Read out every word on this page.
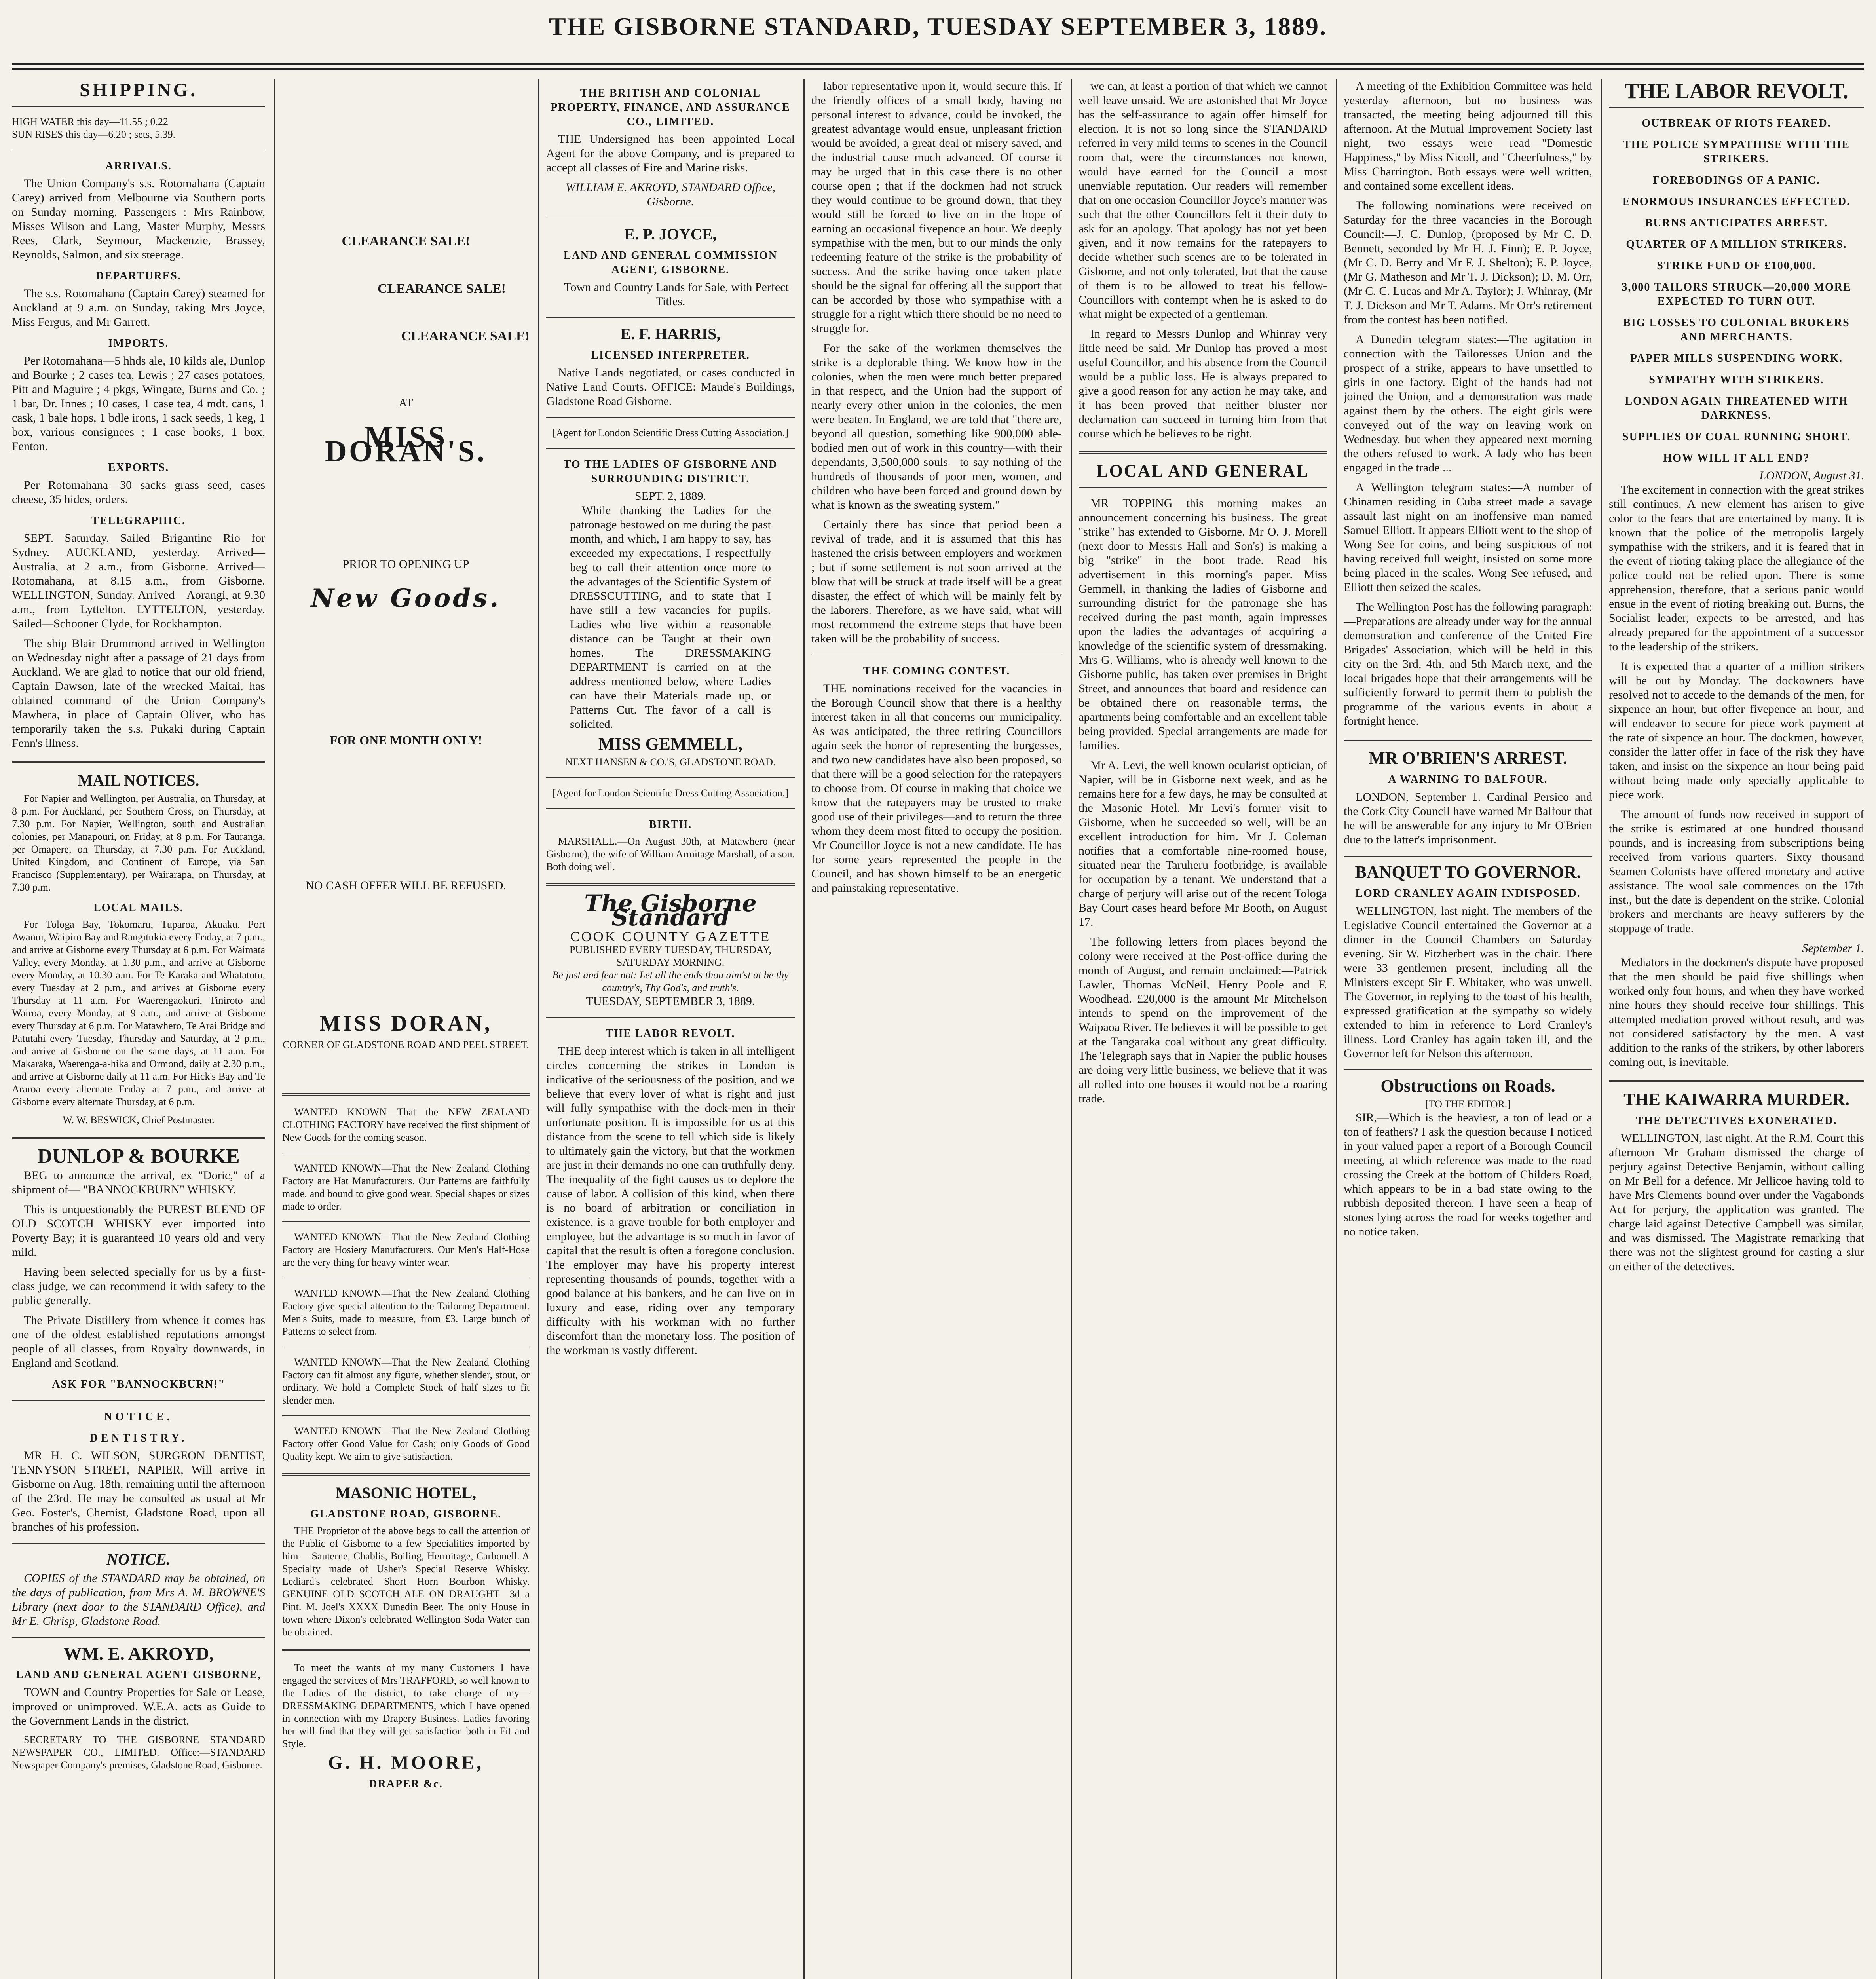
THE GISBORNE STANDARD, TUESDAY SEPTEMBER 3, 1889.
SHIPPING.
HIGH WATER this day—11.55 ; 0.22
SUN RISES this day—6.20 ; sets, 5.39.
ARRIVALS.
The Union Company's s.s. Rotomahana (Captain Carey) arrived from Melbourne via Southern ports on Sunday morning. Passengers : Mrs Rainbow, Misses Wilson and Lang, Master Murphy, Messrs Rees, Clark, Seymour, Mackenzie, Brassey, Reynolds, Salmon, and six steerage.
DEPARTURES.
The s.s. Rotomahana (Captain Carey) steamed for Auckland at 9 a.m. on Sunday, taking Mrs Joyce, Miss Fergus, and Mr Garrett.
IMPORTS.
Per Rotomahana—5 hhds ale, 10 kilds ale, Dunlop and Bourke ; 2 cases tea, Lewis ; 27 cases potatoes, Pitt and Maguire ; 4 pkgs, Wingate, Burns and Co. ; 1 bar, Dr. Innes ; 10 cases, 1 case tea, 4 mdt. cans, 1 cask, 1 bale hops, 1 bdle irons, 1 sack seeds, 1 keg, 1 box, various consignees ; 1 case books, 1 box, Fenton.
EXPORTS.
Per Rotomahana—30 sacks grass seed, cases cheese, 35 hides, orders.
TELEGRAPHIC.
SEPT. Saturday. Sailed—Brigantine Rio for Sydney. AUCKLAND, yesterday. Arrived—Australia, at 2 a.m., from Gisborne. Arrived—Rotomahana, at 8.15 a.m., from Gisborne. WELLINGTON, Sunday. Arrived—Aorangi, at 9.30 a.m., from Lyttelton. LYTTELTON, yesterday. Sailed—Schooner Clyde, for Rockhampton.
The ship Blair Drummond arrived in Wellington on Wednesday night after a passage of 21 days from Auckland. We are glad to notice that our old friend, Captain Dawson, late of the wrecked Maitai, has obtained command of the Union Company's Mawhera, in place of Captain Oliver, who has temporarily taken the s.s. Pukaki during Captain Fenn's illness.
MAIL NOTICES.
For Napier and Wellington, per Australia, on Thursday, at 8 p.m. For Auckland, per Southern Cross, on Thursday, at 7.30 p.m. For Napier, Wellington, south and Australian colonies, per Manapouri, on Friday, at 8 p.m. For Tauranga, per Omapere, on Thursday, at 7.30 p.m. For Auckland, United Kingdom, and Continent of Europe, via San Francisco (Supplementary), per Wairarapa, on Thursday, at 7.30 p.m.
LOCAL MAILS.
For Tologa Bay, Tokomaru, Tuparoa, Akuaku, Port Awanui, Waipiro Bay and Rangitukia every Friday, at 7 p.m., and arrive at Gisborne every Thursday at 6 p.m. For Waimata Valley, every Monday, at 1.30 p.m., and arrive at Gisborne every Monday, at 10.30 a.m. For Te Karaka and Whatatutu, every Tuesday at 2 p.m., and arrives at Gisborne every Thursday at 11 a.m. For Waerengaokuri, Tiniroto and Wairoa, every Monday, at 9 a.m., and arrive at Gisborne every Thursday at 6 p.m. For Matawhero, Te Arai Bridge and Patutahi every Tuesday, Thursday and Saturday, at 2 p.m., and arrive at Gisborne on the same days, at 11 a.m. For Makaraka, Waerenga-a-hika and Ormond, daily at 2.30 p.m., and arrive at Gisborne daily at 11 a.m. For Hick's Bay and Te Araroa every alternate Friday at 7 p.m., and arrive at Gisborne every alternate Thursday, at 6 p.m.
W. W. BESWICK, Chief Postmaster.
DUNLOP & BOURKE
BEG to announce the arrival, ex "Doric," of a shipment of— "BANNOCKBURN" WHISKY.
This is unquestionably the PUREST BLEND OF OLD SCOTCH WHISKY ever imported into Poverty Bay; it is guaranteed 10 years old and very mild.
Having been selected specially for us by a first-class judge, we can recommend it with safety to the public generally.
The Private Distillery from whence it comes has one of the oldest established reputations amongst people of all classes, from Royalty downwards, in England and Scotland.
ASK FOR "BANNOCKBURN!"
NOTICE.
DENTISTRY.
MR H. C. WILSON, SURGEON DENTIST, TENNYSON STREET, NAPIER, Will arrive in Gisborne on Aug. 18th, remaining until the afternoon of the 23rd. He may be consulted as usual at Mr Geo. Foster's, Chemist, Gladstone Road, upon all branches of his profession.
NOTICE.
COPIES of the STANDARD may be obtained, on the days of publication, from Mrs A. M. BROWNE'S Library (next door to the STANDARD Office), and Mr E. Chrisp, Gladstone Road.
WM. E. AKROYD,
LAND AND GENERAL AGENT GISBORNE,
TOWN and Country Properties for Sale or Lease, improved or unimproved. W.E.A. acts as Guide to the Government Lands in the district.
SECRETARY TO THE GISBORNE STANDARD NEWSPAPER CO., LIMITED. Office:—STANDARD Newspaper Company's premises, Gladstone Road, Gisborne.
CLEARANCE SALE!
CLEARANCE SALE!
CLEARANCE SALE!
AT
MISS DORAN'S.
PRIOR TO OPENING UP
New Goods.
FOR ONE MONTH ONLY!
NO CASH OFFER WILL BE REFUSED.
MISS DORAN,
CORNER OF GLADSTONE ROAD AND PEEL STREET.
WANTED KNOWN—That the NEW ZEALAND CLOTHING FACTORY have received the first shipment of New Goods for the coming season.
WANTED KNOWN—That the New Zealand Clothing Factory are Hat Manufacturers. Our Patterns are faithfully made, and bound to give good wear. Special shapes or sizes made to order.
WANTED KNOWN—That the New Zealand Clothing Factory are Hosiery Manufacturers. Our Men's Half-Hose are the very thing for heavy winter wear.
WANTED KNOWN—That the New Zealand Clothing Factory give special attention to the Tailoring Department. Men's Suits, made to measure, from £3. Large bunch of Patterns to select from.
WANTED KNOWN—That the New Zealand Clothing Factory can fit almost any figure, whether slender, stout, or ordinary. We hold a Complete Stock of half sizes to fit slender men.
WANTED KNOWN—That the New Zealand Clothing Factory offer Good Value for Cash; only Goods of Good Quality kept. We aim to give satisfaction.
MASONIC HOTEL,
GLADSTONE ROAD, GISBORNE.
THE Proprietor of the above begs to call the attention of the Public of Gisborne to a few Specialities imported by him— Sauterne, Chablis, Boiling, Hermitage, Carbonell. A Specialty made of Usher's Special Reserve Whisky. Lediard's celebrated Short Horn Bourbon Whisky. GENUINE OLD SCOTCH ALE ON DRAUGHT—3d a Pint. M. Joel's XXXX Dunedin Beer. The only House in town where Dixon's celebrated Wellington Soda Water can be obtained.
To meet the wants of my many Customers I have engaged the services of Mrs TRAFFORD, so well known to the Ladies of the district, to take charge of my— DRESSMAKING DEPARTMENTS, which I have opened in connection with my Drapery Business. Ladies favoring her will find that they will get satisfaction both in Fit and Style.
G. H. MOORE,
DRAPER &c.
THE BRITISH AND COLONIAL PROPERTY, FINANCE, AND ASSURANCE CO., LIMITED.
THE Undersigned has been appointed Local Agent for the above Company, and is prepared to accept all classes of Fire and Marine risks.
WILLIAM E. AKROYD, STANDARD Office, Gisborne.
E. P. JOYCE,
LAND AND GENERAL COMMISSION AGENT, GISBORNE.
Town and Country Lands for Sale, with Perfect Titles.
E. F. HARRIS,
LICENSED INTERPRETER.
Native Lands negotiated, or cases conducted in Native Land Courts. OFFICE: Maude's Buildings, Gladstone Road Gisborne.
[Agent for London Scientific Dress Cutting Association.]
TO THE LADIES OF GISBORNE AND SURROUNDING DISTRICT.
SEPT. 2, 1889.
While thanking the Ladies for the patronage bestowed on me during the past month, and which, I am happy to say, has exceeded my expectations, I respectfully beg to call their attention once more to the advantages of the Scientific System of DRESSCUTTING, and to state that I have still a few vacancies for pupils. Ladies who live within a reasonable distance can be Taught at their own homes. The DRESSMAKING DEPARTMENT is carried on at the address mentioned below, where Ladies can have their Materials made up, or Patterns Cut. The favor of a call is solicited.
MISS GEMMELL,
NEXT HANSEN & CO.'S, GLADSTONE ROAD.
[Agent for London Scientific Dress Cutting Association.]
BIRTH.
MARSHALL.—On August 30th, at Matawhero (near Gisborne), the wife of William Armitage Marshall, of a son. Both doing well.
The Gisborne Standard
COOK COUNTY GAZETTE
PUBLISHED EVERY TUESDAY, THURSDAY, SATURDAY MORNING.
Be just and fear not: Let all the ends thou aim'st at be thy country's, Thy God's, and truth's.
TUESDAY, SEPTEMBER 3, 1889.
THE LABOR REVOLT.
THE deep interest which is taken in all intelligent circles concerning the strikes in London is indicative of the seriousness of the position, and we believe that every lover of what is right and just will fully sympathise with the dock-men in their unfortunate position. It is impossible for us at this distance from the scene to tell which side is likely to ultimately gain the victory, but that the workmen are just in their demands no one can truthfully deny. The inequality of the fight causes us to deplore the cause of labor. A collision of this kind, when there is no board of arbitration or conciliation in existence, is a grave trouble for both employer and employee, but the advantage is so much in favor of capital that the result is often a foregone conclusion. The employer may have his property interest representing thousands of pounds, together with a good balance at his bankers, and he can live on in luxury and ease, riding over any temporary difficulty with his workman with no further discomfort than the monetary loss. The position of the workman is vastly different.
labor representative upon it, would secure this. If the friendly offices of a small body, having no personal interest to advance, could be invoked, the greatest advantage would ensue, unpleasant friction would be avoided, a great deal of misery saved, and the industrial cause much advanced. Of course it may be urged that in this case there is no other course open ; that if the dockmen had not struck they would continue to be ground down, that they would still be forced to live on in the hope of earning an occasional fivepence an hour. We deeply sympathise with the men, but to our minds the only redeeming feature of the strike is the probability of success. And the strike having once taken place should be the signal for offering all the support that can be accorded by those who sympathise with a struggle for a right which there should be no need to struggle for.
For the sake of the workmen themselves the strike is a deplorable thing. We know how in the colonies, when the men were much better prepared in that respect, and the Union had the support of nearly every other union in the colonies, the men were beaten. In England, we are told that "there are, beyond all question, something like 900,000 able-bodied men out of work in this country—with their dependants, 3,500,000 souls—to say nothing of the hundreds of thousands of poor men, women, and children who have been forced and ground down by what is known as the sweating system."
Certainly there has since that period been a revival of trade, and it is assumed that this has hastened the crisis between employers and workmen ; but if some settlement is not soon arrived at the blow that will be struck at trade itself will be a great disaster, the effect of which will be mainly felt by the laborers. Therefore, as we have said, what will most recommend the extreme steps that have been taken will be the probability of success.
THE COMING CONTEST.
THE nominations received for the vacancies in the Borough Council show that there is a healthy interest taken in all that concerns our municipality. As was anticipated, the three retiring Councillors again seek the honor of representing the burgesses, and two new candidates have also been proposed, so that there will be a good selection for the ratepayers to choose from. Of course in making that choice we know that the ratepayers may be trusted to make good use of their privileges—and to return the three whom they deem most fitted to occupy the position. Mr Councillor Joyce is not a new candidate. He has for some years represented the people in the Council, and has shown himself to be an energetic and painstaking representative.
we can, at least a portion of that which we cannot well leave unsaid. We are astonished that Mr Joyce has the self-assurance to again offer himself for election. It is not so long since the STANDARD referred in very mild terms to scenes in the Council room that, were the circumstances not known, would have earned for the Council a most unenviable reputation. Our readers will remember that on one occasion Councillor Joyce's manner was such that the other Councillors felt it their duty to ask for an apology. That apology has not yet been given, and it now remains for the ratepayers to decide whether such scenes are to be tolerated in Gisborne, and not only tolerated, but that the cause of them is to be allowed to treat his fellow-Councillors with contempt when he is asked to do what might be expected of a gentleman.
In regard to Messrs Dunlop and Whinray very little need be said. Mr Dunlop has proved a most useful Councillor, and his absence from the Council would be a public loss. He is always prepared to give a good reason for any action he may take, and it has been proved that neither bluster nor declamation can succeed in turning him from that course which he believes to be right.
LOCAL AND GENERAL
MR TOPPING this morning makes an announcement concerning his business. The great "strike" has extended to Gisborne. Mr O. J. Morell (next door to Messrs Hall and Son's) is making a big "strike" in the boot trade. Read his advertisement in this morning's paper. Miss Gemmell, in thanking the ladies of Gisborne and surrounding district for the patronage she has received during the past month, again impresses upon the ladies the advantages of acquiring a knowledge of the scientific system of dressmaking. Mrs G. Williams, who is already well known to the Gisborne public, has taken over premises in Bright Street, and announces that board and residence can be obtained there on reasonable terms, the apartments being comfortable and an excellent table being provided. Special arrangements are made for families.
Mr A. Levi, the well known ocularist optician, of Napier, will be in Gisborne next week, and as he remains here for a few days, he may be consulted at the Masonic Hotel. Mr Levi's former visit to Gisborne, when he succeeded so well, will be an excellent introduction for him. Mr J. Coleman notifies that a comfortable nine-roomed house, situated near the Taruheru footbridge, is available for occupation by a tenant. We understand that a charge of perjury will arise out of the recent Tologa Bay Court cases heard before Mr Booth, on August 17.
The following letters from places beyond the colony were received at the Post-office during the month of August, and remain unclaimed:—Patrick Lawler, Thomas McNeil, Henry Poole and F. Woodhead. £20,000 is the amount Mr Mitchelson intends to spend on the improvement of the Waipaoa River. He believes it will be possible to get at the Tangaraka coal without any great difficulty. The Telegraph says that in Napier the public houses are doing very little business, we believe that it was all rolled into one houses it would not be a roaring trade.
A meeting of the Exhibition Committee was held yesterday afternoon, but no business was transacted, the meeting being adjourned till this afternoon. At the Mutual Improvement Society last night, two essays were read—"Domestic Happiness," by Miss Nicoll, and "Cheerfulness," by Miss Charrington. Both essays were well written, and contained some excellent ideas.
The following nominations were received on Saturday for the three vacancies in the Borough Council:—J. C. Dunlop, (proposed by Mr C. D. Bennett, seconded by Mr H. J. Finn); E. P. Joyce, (Mr C. D. Berry and Mr F. J. Shelton); E. P. Joyce, (Mr G. Matheson and Mr T. J. Dickson); D. M. Orr, (Mr C. C. Lucas and Mr A. Taylor); J. Whinray, (Mr T. J. Dickson and Mr T. Adams. Mr Orr's retirement from the contest has been notified.
A Dunedin telegram states:—The agitation in connection with the Tailoresses Union and the prospect of a strike, appears to have unsettled to girls in one factory. Eight of the hands had not joined the Union, and a demonstration was made against them by the others. The eight girls were conveyed out of the way on leaving work on Wednesday, but when they appeared next morning the others refused to work. A lady who has been engaged in the trade ...
A Wellington telegram states:—A number of Chinamen residing in Cuba street made a savage assault last night on an inoffensive man named Samuel Elliott. It appears Elliott went to the shop of Wong See for coins, and being suspicious of not having received full weight, insisted on some more being placed in the scales. Wong See refused, and Elliott then seized the scales.
The Wellington Post has the following paragraph:—Preparations are already under way for the annual demonstration and conference of the United Fire Brigades' Association, which will be held in this city on the 3rd, 4th, and 5th March next, and the local brigades hope that their arrangements will be sufficiently forward to permit them to publish the programme of the various events in about a fortnight hence.
MR O'BRIEN'S ARREST.
A WARNING TO BALFOUR.
LONDON, September 1. Cardinal Persico and the Cork City Council have warned Mr Balfour that he will be answerable for any injury to Mr O'Brien due to the latter's imprisonment.
BANQUET TO GOVERNOR.
LORD CRANLEY AGAIN INDISPOSED.
WELLINGTON, last night. The members of the Legislative Council entertained the Governor at a dinner in the Council Chambers on Saturday evening. Sir W. Fitzherbert was in the chair. There were 33 gentlemen present, including all the Ministers except Sir F. Whitaker, who was unwell. The Governor, in replying to the toast of his health, expressed gratification at the sympathy so widely extended to him in reference to Lord Cranley's illness. Lord Cranley has again taken ill, and the Governor left for Nelson this afternoon.
Obstructions on Roads.
[TO THE EDITOR.]
SIR,—Which is the heaviest, a ton of lead or a ton of feathers? I ask the question because I noticed in your valued paper a report of a Borough Council meeting, at which reference was made to the road crossing the Creek at the bottom of Childers Road, which appears to be in a bad state owing to the rubbish deposited thereon. I have seen a heap of stones lying across the road for weeks together and no notice taken.
THE LABOR REVOLT.
OUTBREAK OF RIOTS FEARED.
THE POLICE SYMPATHISE WITH THE STRIKERS.
FOREBODINGS OF A PANIC.
ENORMOUS INSURANCES EFFECTED.
BURNS ANTICIPATES ARREST.
QUARTER OF A MILLION STRIKERS.
STRIKE FUND OF £100,000.
3,000 TAILORS STRUCK—20,000 MORE EXPECTED TO TURN OUT.
BIG LOSSES TO COLONIAL BROKERS AND MERCHANTS.
PAPER MILLS SUSPENDING WORK.
SYMPATHY WITH STRIKERS.
LONDON AGAIN THREATENED WITH DARKNESS.
SUPPLIES OF COAL RUNNING SHORT.
HOW WILL IT ALL END?
LONDON, August 31.
The excitement in connection with the great strikes still continues. A new element has arisen to give color to the fears that are entertained by many. It is known that the police of the metropolis largely sympathise with the strikers, and it is feared that in the event of rioting taking place the allegiance of the police could not be relied upon. There is some apprehension, therefore, that a serious panic would ensue in the event of rioting breaking out. Burns, the Socialist leader, expects to be arrested, and has already prepared for the appointment of a successor to the leadership of the strikers.
It is expected that a quarter of a million strikers will be out by Monday. The dockowners have resolved not to accede to the demands of the men, for sixpence an hour, but offer fivepence an hour, and will endeavor to secure for piece work payment at the rate of sixpence an hour. The dockmen, however, consider the latter offer in face of the risk they have taken, and insist on the sixpence an hour being paid without being made only specially applicable to piece work.
The amount of funds now received in support of the strike is estimated at one hundred thousand pounds, and is increasing from subscriptions being received from various quarters. Sixty thousand Seamen Colonists have offered monetary and active assistance. The wool sale commences on the 17th inst., but the date is dependent on the strike. Colonial brokers and merchants are heavy sufferers by the stoppage of trade.
September 1.
Mediators in the dockmen's dispute have proposed that the men should be paid five shillings when worked only four hours, and when they have worked nine hours they should receive four shillings. This attempted mediation proved without result, and was not considered satisfactory by the men. A vast addition to the ranks of the strikers, by other laborers coming out, is inevitable.
THE KAIWARRA MURDER.
THE DETECTIVES EXONERATED.
WELLINGTON, last night. At the R.M. Court this afternoon Mr Graham dismissed the charge of perjury against Detective Benjamin, without calling on Mr Bell for a defence. Mr Jellicoe having told to have Mrs Clements bound over under the Vagabonds Act for perjury, the application was granted. The charge laid against Detective Campbell was similar, and was dismissed. The Magistrate remarking that there was not the slightest ground for casting a slur on either of the detectives.
